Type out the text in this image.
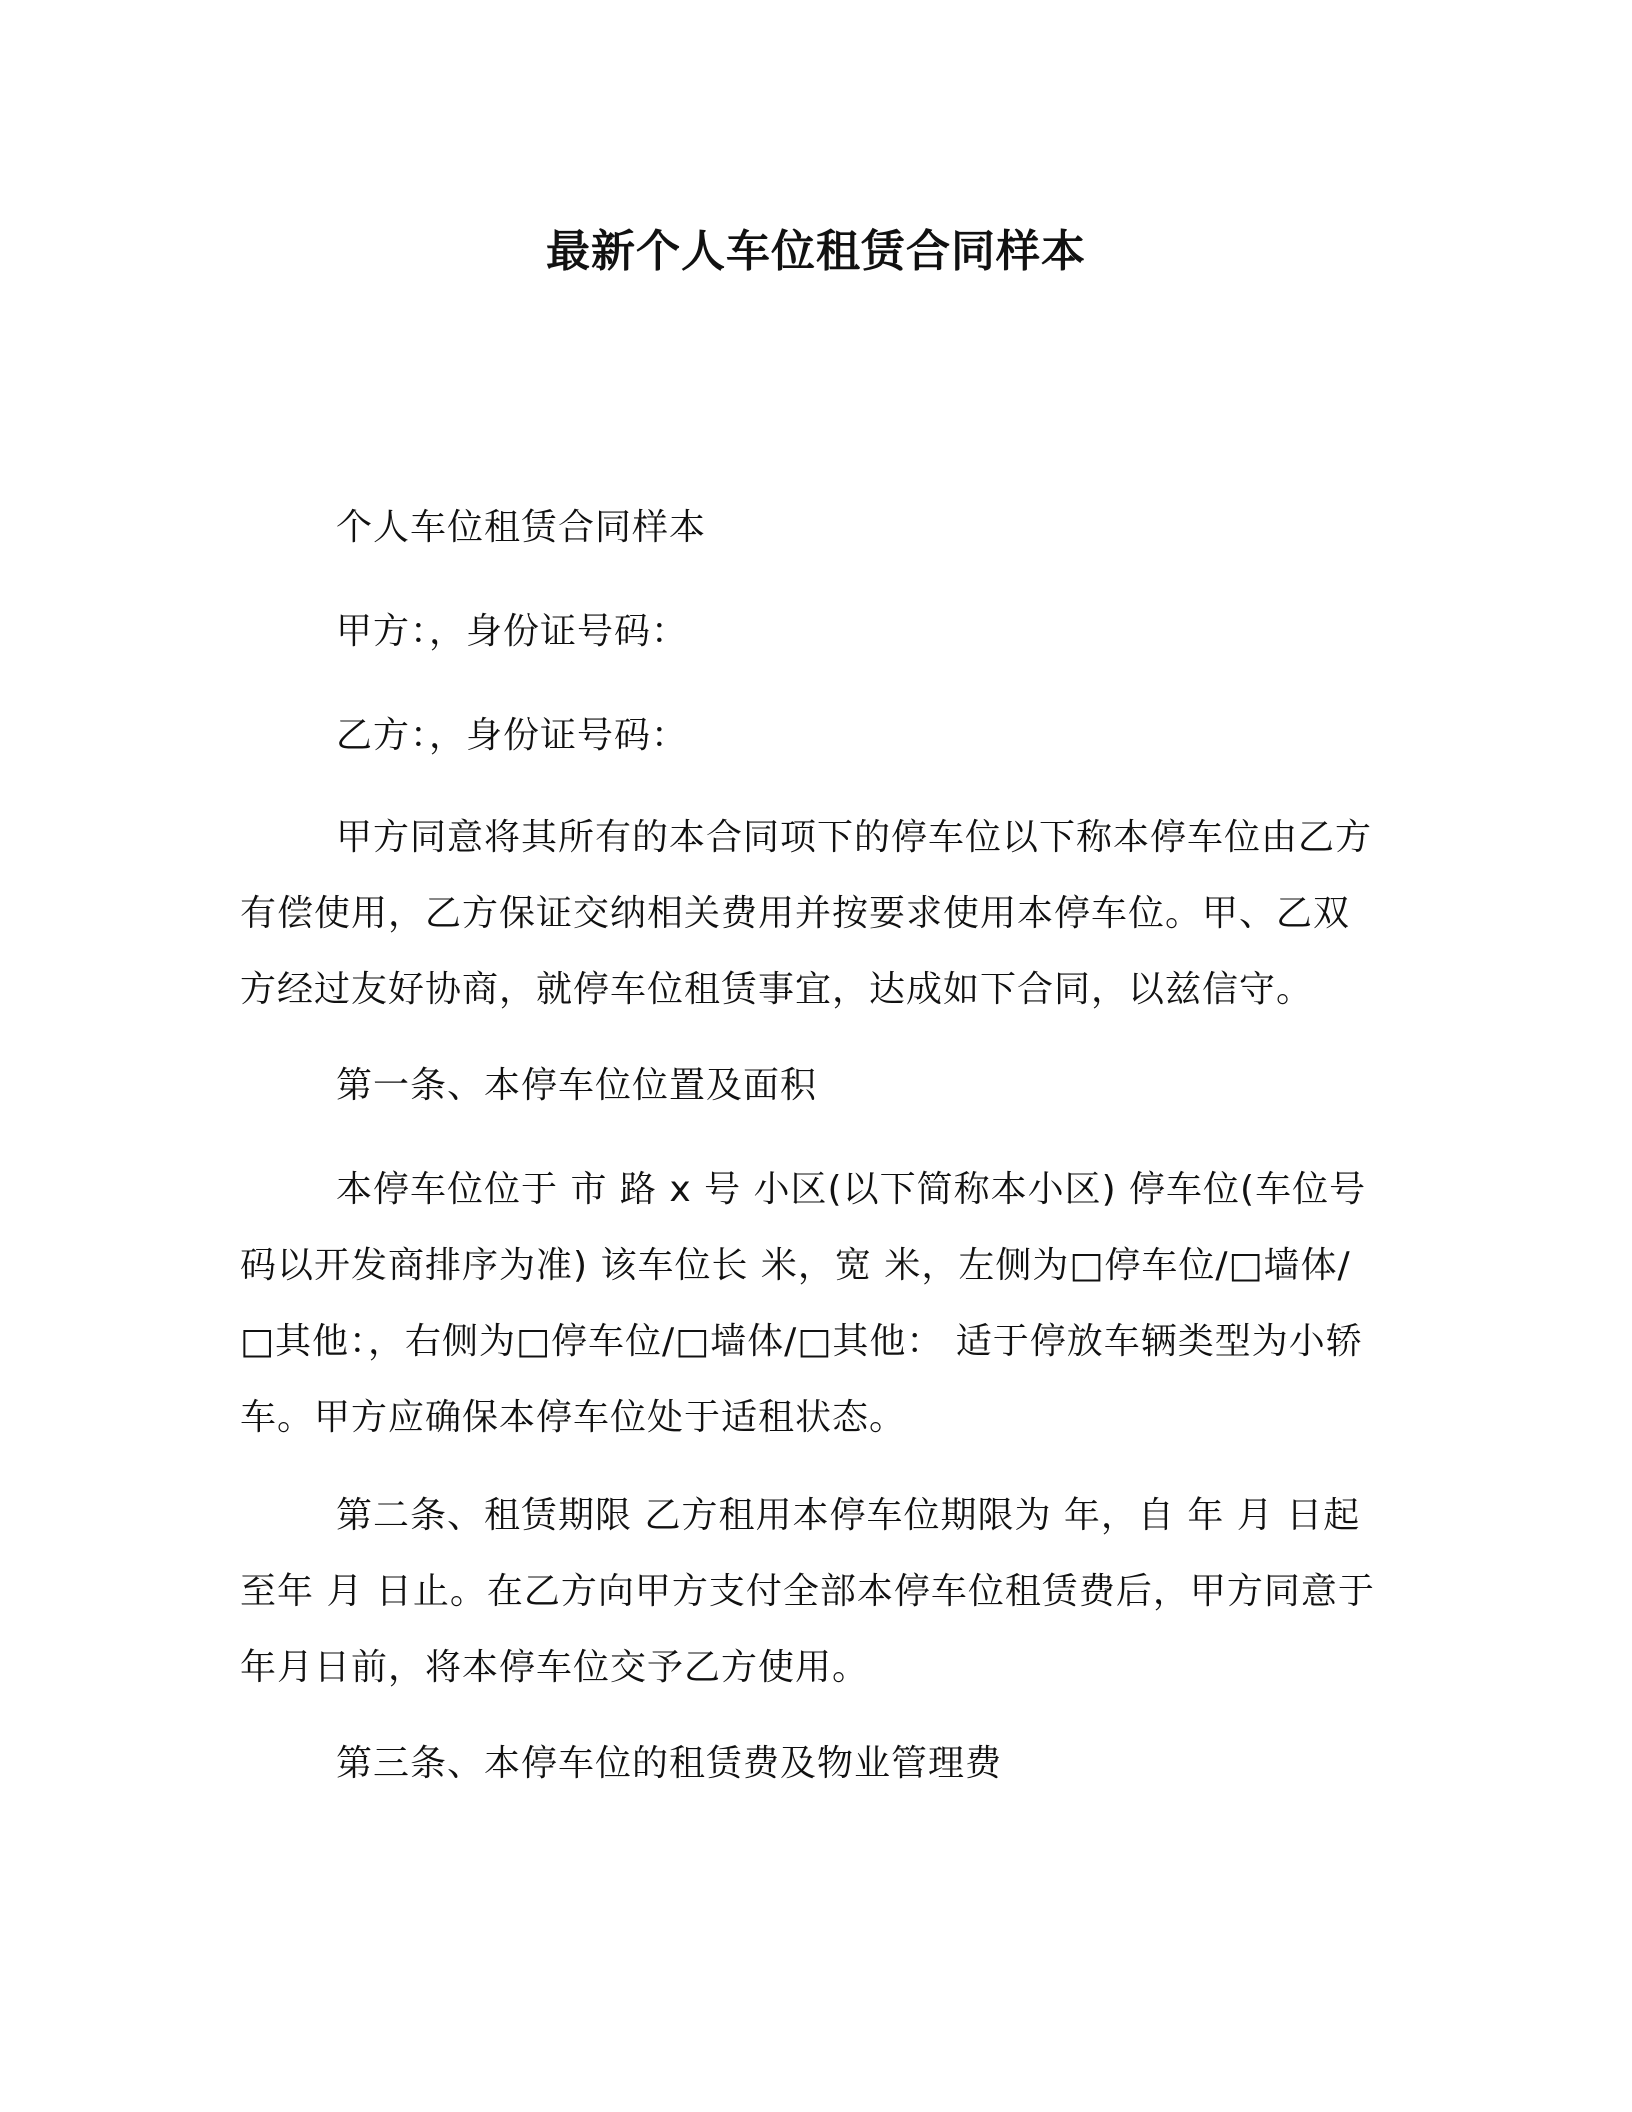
最新个人车位租赁合同样本
个人车位租赁合同样本
甲方：，身份证号码：
乙方：，身份证号码：

甲方同意将其所有的本合同项下的停车位以下称本停车位由乙方有偿使用，乙方保证交纳相关费用并按要求使用本停车位。甲、乙双方经过友好协商，就停车位租赁事宜，达成如下合同，以兹信守。

第一条、本停车位位置及面积

本停车位位于 市 路 x 号 小区(以下简称本小区) 停车位(车位号码以开发商排序为准) 该车位长 米，宽 米，左侧为□停车位/□墙体/□其他：，右侧为□停车位/□墙体/□其他： 适于停放车辆类型为小轿车。甲方应确保本停车位处于适租状态。

第二条、租赁期限 乙方租用本停车位期限为 年，自 年 月 日起至年 月 日止。在乙方向甲方支付全部本停车位租赁费后，甲方同意于 年月日前，将本停车位交予乙方使用。

第三条、本停车位的租赁费及物业管理费
